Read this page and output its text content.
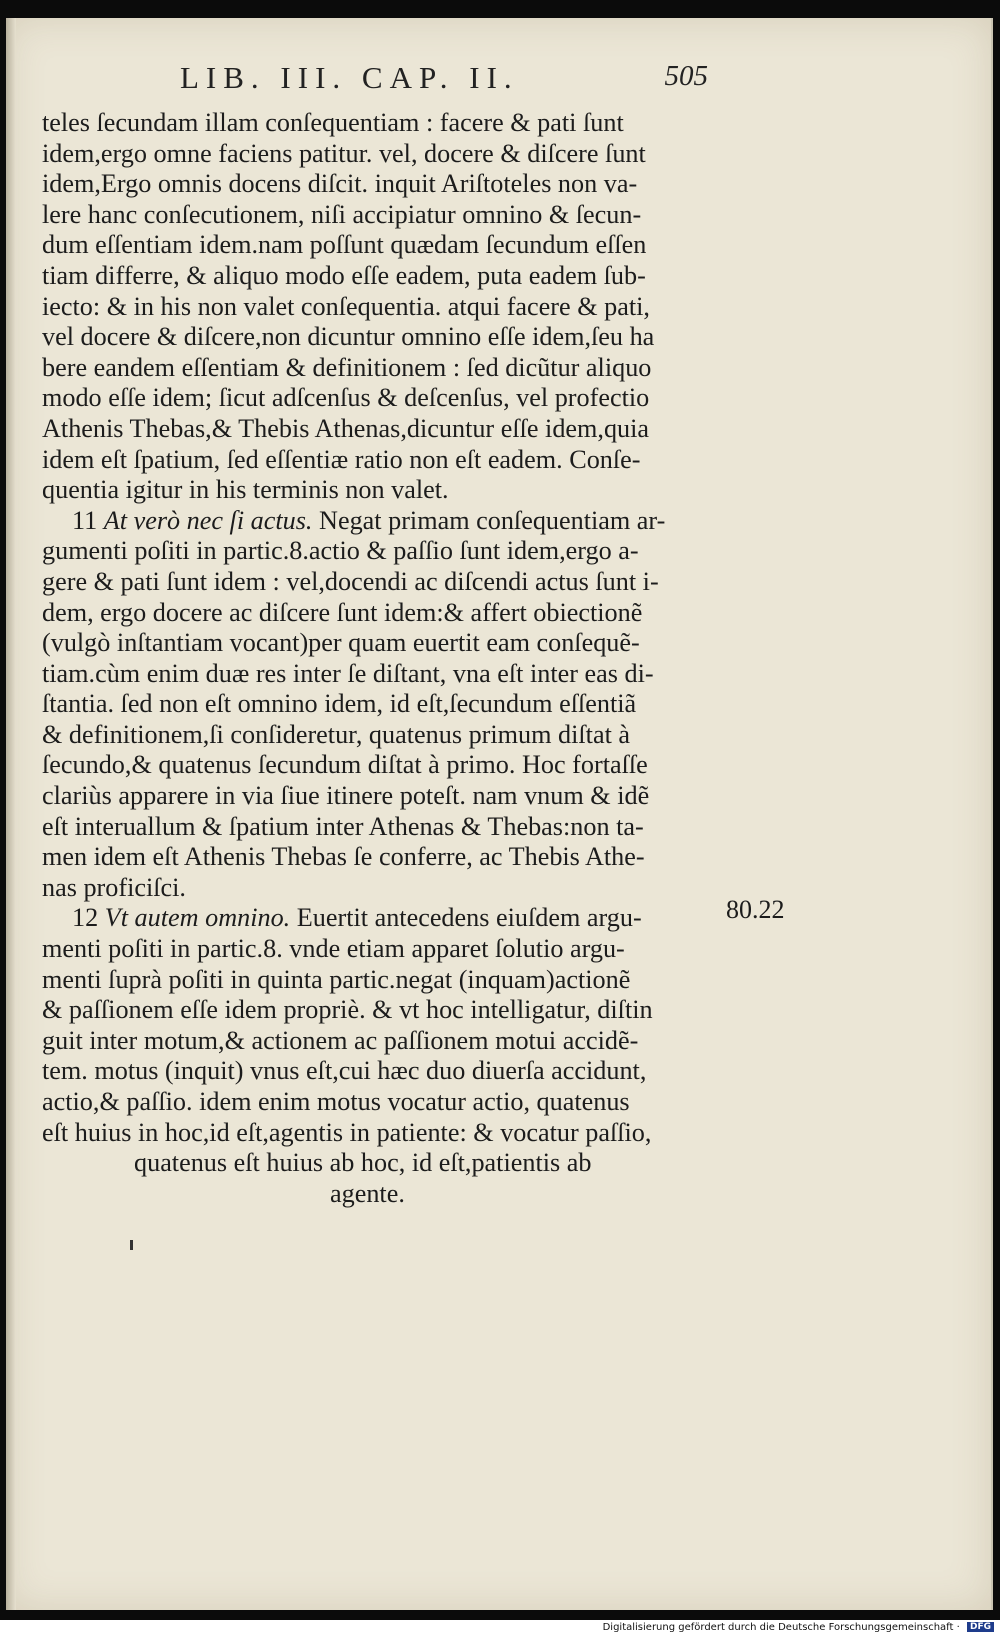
LIB. III. CAP. II.	505
teles ſecundam illam conſequentiam : facere & pati ſunt
idem,ergo omne faciens patitur. vel, docere & diſcere ſunt
idem,Ergo omnis docens diſcit. inquit Ariſtoteles non va-
lere hanc conſecutionem, niſi accipiatur omnino & ſecun-
dum eſſentiam idem.nam poſſunt quædam ſecundum eſſen
tiam differre, & aliquo modo eſſe eadem, puta eadem ſub-
iecto: & in his non valet conſequentia. atqui facere & pati,
vel docere & diſcere,non dicuntur omnino eſſe idem,ſeu ha
bere eandem eſſentiam & definitionem : ſed dicũtur aliquo
modo eſſe idem; ſicut adſcenſus & deſcenſus, vel profectio
Athenis Thebas,& Thebis Athenas,dicuntur eſſe idem,quia
idem eſt ſpatium, ſed eſſentiæ ratio non eſt eadem. Conſe-
quentia igitur in his terminis non valet.
11 At verò nec ſi actus. Negat primam conſequentiam ar-
gumenti poſiti in partic.8.actio & paſſio ſunt idem,ergo a-
gere & pati ſunt idem : vel,docendi ac diſcendi actus ſunt i-
dem, ergo docere ac diſcere ſunt idem:& affert obiectionẽ
(vulgò inſtantiam vocant)per quam euertit eam conſequẽ-
tiam.cùm enim duæ res inter ſe diſtant, vna eſt inter eas di-
ſtantia. ſed non eſt omnino idem, id eſt,ſecundum eſſentiã
& definitionem,ſi conſideretur, quatenus primum diſtat à
ſecundo,& quatenus ſecundum diſtat à primo. Hoc fortaſſe
clariùs apparere in via ſiue itinere poteſt. nam vnum & idẽ
eſt interuallum & ſpatium inter Athenas & Thebas:non ta-
men idem eſt Athenis Thebas ſe conferre, ac Thebis Athe-
nas proficiſci.
12 Vt autem omnino. Euertit antecedens eiuſdem argu-
menti poſiti in partic.8. vnde etiam apparet ſolutio argu-
menti ſuprà poſiti in quinta partic.negat (inquam)actionẽ
& paſſionem eſſe idem propriè. & vt hoc intelligatur, diſtin
guit inter motum,& actionem ac paſſionem motui accidẽ-
tem. motus (inquit) vnus eſt,cui hæc duo diuerſa accidunt,
actio,& paſſio. idem enim motus vocatur actio, quatenus
eſt huius in hoc,id eſt,agentis in patiente: & vocatur paſſio,
quatenus eſt huius ab hoc, id eſt,patientis ab
agente.
80.22
Digitalisierung gefördert durch die Deutsche Forschungsgemeinschaft · DFG
